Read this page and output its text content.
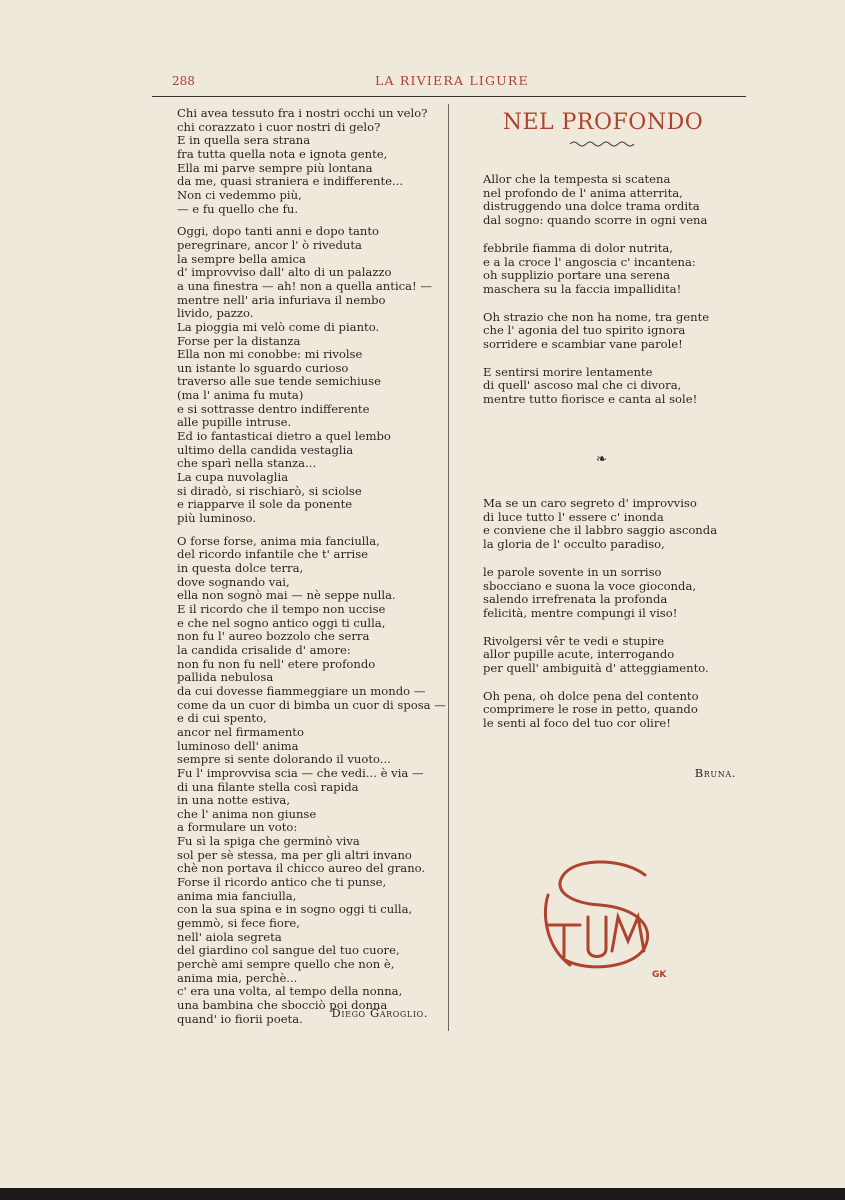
288	LA RIVIERA LIGURE
Chi avea tessuto fra i nostri occhi un velo?
chi corazzato i cuor nostri di gelo?
E in quella sera strana
fra tutta quella nota e ignota gente,
Ella mi parve sempre più lontana
da me, quasi straniera e indifferente...
Non ci vedemmo più,
— e fu quello che fu.
Oggi, dopo tanti anni e dopo tanto
peregrinare, ancor l' ò riveduta
la sempre bella amica
d' improvviso dall' alto di un palazzo
a una finestra — ah! non a quella antica! —
mentre nell' aria infuriava il nembo
livido, pazzo.
La pioggia mi velò come di pianto.
Forse per la distanza
Ella non mi conobbe: mi rivolse
un istante lo sguardo curioso
traverso alle sue tende semichiuse
(ma l' anima fu muta)
e si sottrasse dentro indifferente
alle pupille intruse.
Ed io fantasticai dietro a quel lembo
ultimo della candida vestaglia
che sparì nella stanza...
La cupa nuvolaglia
si diradò, si rischiarò, si sciolse
e riapparve il sole da ponente
più luminoso.
O forse forse, anima mia fanciulla,
del ricordo infantile che t' arrise
in questa dolce terra,
dove sognando vai,
ella non sognò mai — nè seppe nulla.
E il ricordo che il tempo non uccise
e che nel sogno antico oggi ti culla,
non fu l' aureo bozzolo che serra
la candida crisalide d' amore:
non fu non fu nell' etere profondo
pallida nebulosa
da cui dovesse fiammeggiare un mondo —
come da un cuor di bimba un cuor di sposa —
e di cui spento,
ancor nel firmamento
luminoso dell' anima
sempre si sente dolorando il vuoto...
Fu l' improvvisa scia — che vedi... è via —
di una filante stella così rapida
in una notte estiva,
che l' anima non giunse
a formulare un voto:
Fu sì la spiga che germinò viva
sol per sè stessa, ma per gli altri invano
chè non portava il chicco aureo del grano.
Forse il ricordo antico che ti punse,
anima mia fanciulla,
con la sua spina e in sogno oggi ti culla,
gemmò, si fece fiore,
nell' aiola segreta
del giardino col sangue del tuo cuore,
perchè ami sempre quello che non è,
anima mia, perchè...
c' era una volta, al tempo della nonna,
una bambina che sbocciò poi donna
quand' io fiorii poeta.	Diego Garoglio.
NEL PROFONDO
Allor che la tempesta si scatena
nel profondo de l' anima atterrita,
distruggendo una dolce trama ordita
dal sogno: quando scorre in ogni vena
febbrile fiamma di dolor nutrita,
e a la croce l' angoscia c' incantena:
oh supplizio portare una serena
maschera su la faccia impallidita!
Oh strazio che non ha nome, tra gente
che l' agonia del tuo spirito ignora
sorridere e scambiar vane parole!
E sentirsi morire lentamente
di quell' ascoso mal che ci divora,
mentre tutto fiorisce e canta al sole!
❧
Ma se un caro segreto d' improvviso
di luce tutto l' essere c' inonda
e conviene che il labbro saggio asconda
la gloria de l' occulto paradiso,
le parole sovente in un sorriso
sbocciano e suona la voce gioconda,
salendo irrefrenata la profonda
felicità, mentre compungi il viso!
Rivolgersi vêr te vedi e stupire
allor pupille acute, interrogando
per quell' ambiguità d' atteggiamento.
Oh pena, oh dolce pena del contento
comprimere le rose in petto, quando
le senti al foco del tuo cor olire!
Bruna.
GK
